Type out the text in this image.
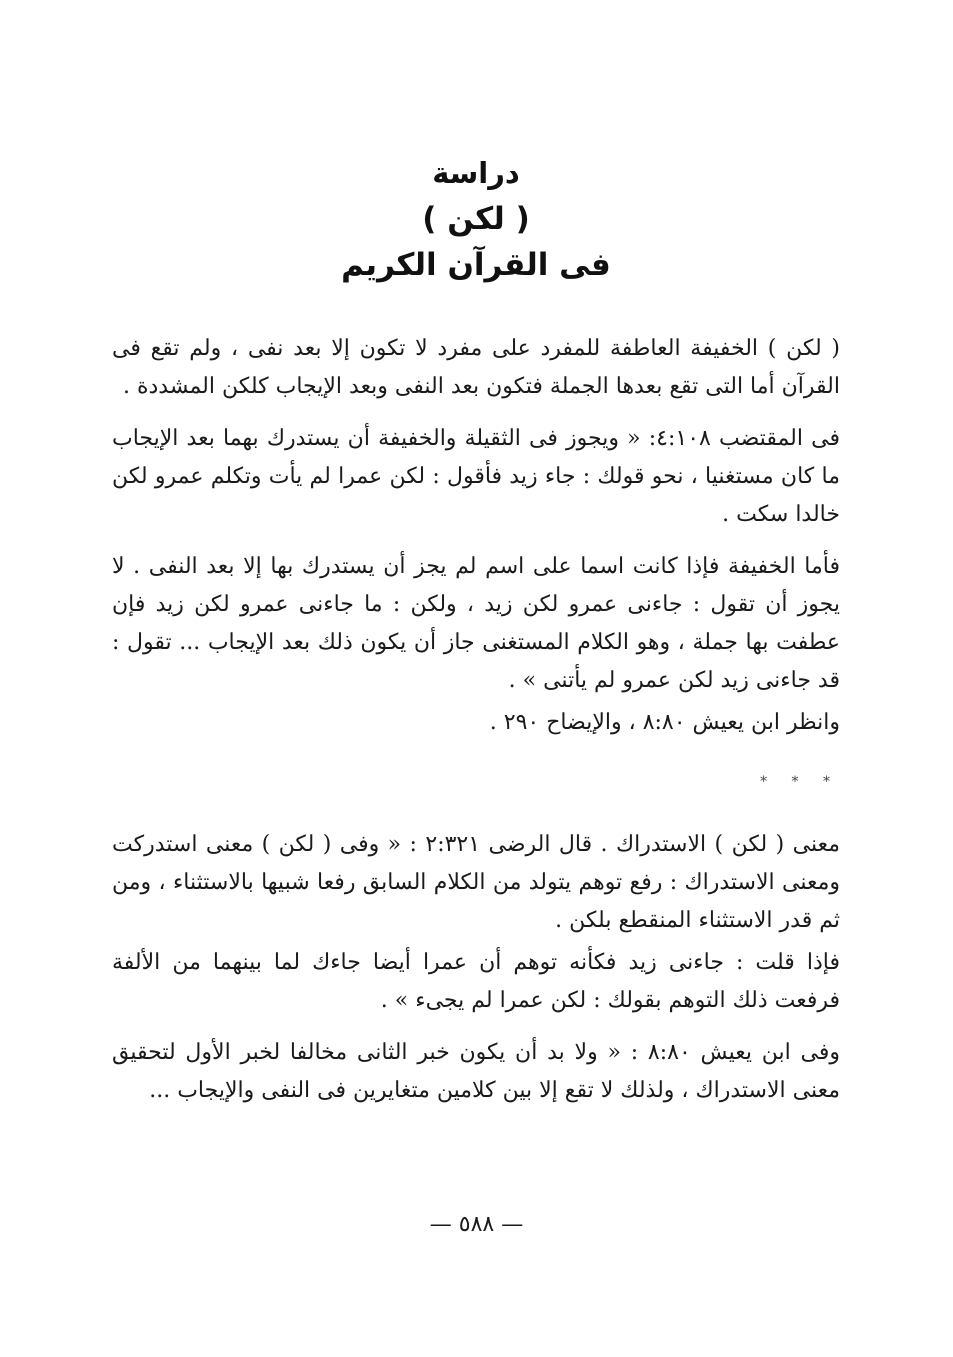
دراسة

( لكن )

فى القرآن الكريم

( لكن ) الخفيفة العاطفة للمفرد على مفرد لا تكون إلا بعد نفى ، ولم تقع فى القرآن أما التى تقع بعدها الجملة فتكون بعد النفى وبعد الإيجاب كلكن المشددة .

فى المقتضب ٤:١٠٨: « ويجوز فى الثقيلة والخفيفة أن يستدرك بهما بعد الإيجاب ما كان مستغنيا ، نحو قولك : جاء زيد فأقول : لكن عمرا لم يأت وتكلم عمرو لكن خالدا سكت .

فأما الخفيفة فإذا كانت اسما على اسم لم يجز أن يستدرك بها إلا بعد النفى . لا يجوز أن تقول : جاءنى عمرو لكن زيد ، ولكن : ما جاءنى عمرو لكن زيد فإن عطفت بها جملة ، وهو الكلام المستغنى جاز أن يكون ذلك بعد الإيجاب ... تقول : قد جاءنى زيد لكن عمرو لم يأتنى » .

وانظر ابن يعيش ٨:٨٠ ، والإيضاح ٢٩٠ .

* * *

معنى ( لكن ) الاستدراك . قال الرضى ٢:٣٢١ : « وفى ( لكن ) معنى استدركت ومعنى الاستدراك : رفع توهم يتولد من الكلام السابق رفعا شبيها بالاستثناء ، ومن ثم قدر الاستثناء المنقطع بلكن .

فإذا قلت : جاءنى زيد فكأنه توهم أن عمرا أيضا جاءك لما بينهما من الألفة فرفعت ذلك التوهم بقولك : لكن عمرا لم يجىء » .

وفى ابن يعيش ٨:٨٠ : « ولا بد أن يكون خبر الثانى مخالفا لخبر الأول لتحقيق معنى الاستدراك ، ولذلك لا تقع إلا بين كلامين متغايرين فى النفى والإيجاب ...

— ٥٨٨ —
